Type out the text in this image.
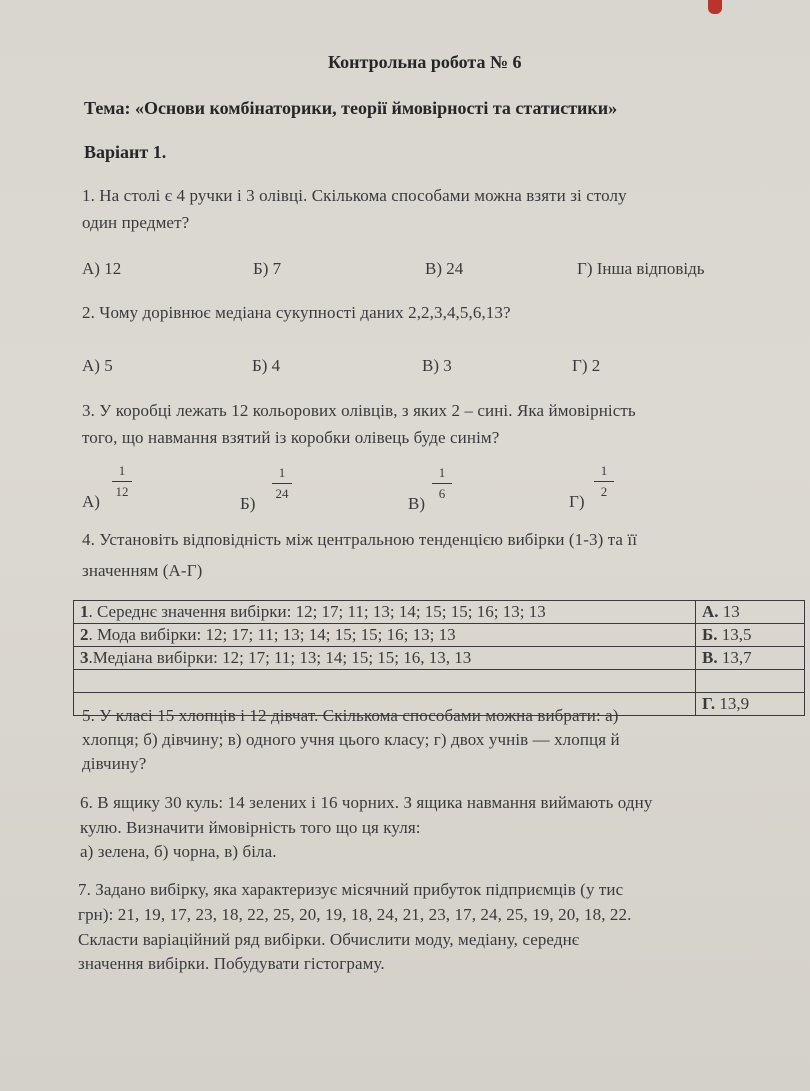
Контрольна робота № 6
Тема: «Основи комбінаторики, теорії ймовірності та статистики»
Варіант 1.
1. На столі є 4 ручки і 3 олівці. Скількома способами можна взяти зі столу
один предмет?
А) 12	Б) 7	В) 24	Г) Інша відповідь
2. Чому дорівнює медіана сукупності даних 2,2,3,4,5,6,13?
А) 5	Б) 4	В) 3	Г) 2
3. У коробці лежать 12 кольорових олівців, з яких 2 – сині. Яка ймовірність
того, що навмання взятий із коробки олівець буде синім?
А)
1
12
Б)
1
24
В)
1
6	Г)
1
2
4. Установіть відповідність між центральною тенденцією вибірки (1-3) та її
значенням (А-Г)
1. Середнє значення вибірки: 12; 17; 11; 13; 14; 15; 15; 16; 13; 13	А. 13
2. Мода вибірки: 12; 17; 11; 13; 14; 15; 15; 16; 13; 13	Б. 13,5
3.Медіана вибірки: 12; 17; 11; 13; 14; 15; 15; 16, 13, 13	В. 13,7

	Г. 13,9
5. У класі 15 хлопців і 12 дівчат. Скількома способами можна вибрати: а)
хлопця; б) дівчину; в) одного учня цього класу; г) двох учнів — хлопця й
дівчину?
6. В ящику 30 куль: 14 зелених і 16 чорних. З ящика навмання виймають одну
кулю. Визначити ймовірність того що ця куля:
а) зелена, б) чорна, в) біла.
7. Задано вибірку, яка характеризує місячний прибуток підприємців (у тис
грн): 21, 19, 17, 23, 18, 22, 25, 20, 19, 18, 24, 21, 23, 17, 24, 25, 19, 20, 18, 22.
Скласти варіаційний ряд вибірки. Обчислити моду, медіану, середнє
значення вибірки. Побудувати гістограму.
